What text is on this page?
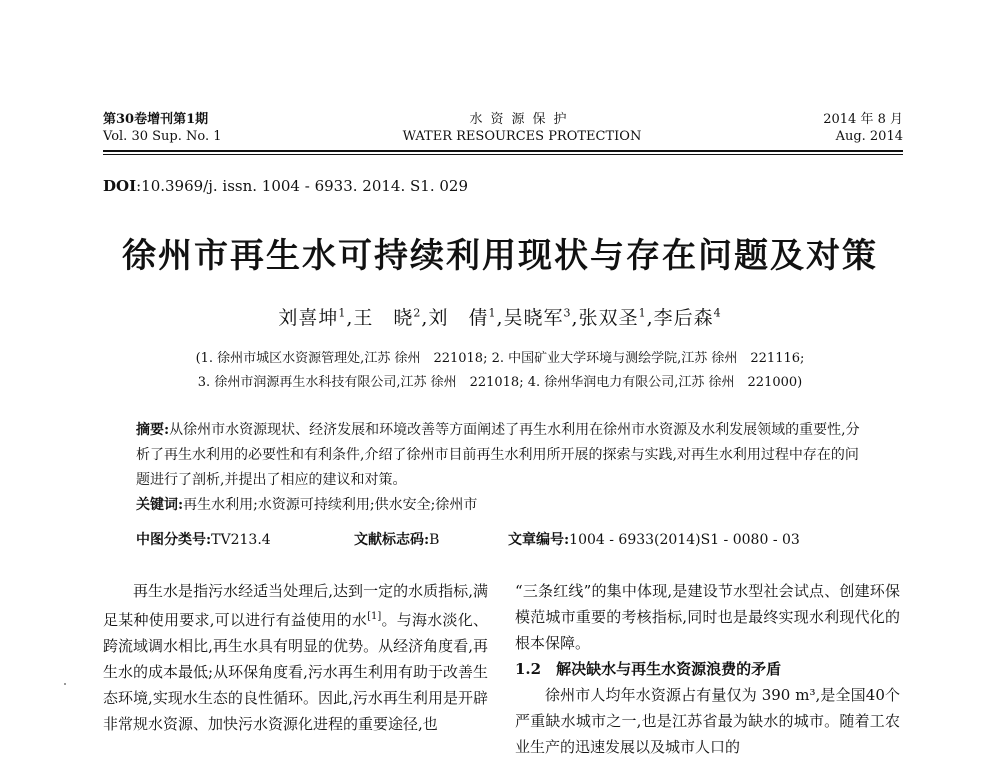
第30卷增刊第1期
Vol. 30 Sup. No. 1
水资源保护
WATER RESOURCES PROTECTION
2014 年 8 月
Aug. 2014
DOI:10.3969/j. issn. 1004 - 6933. 2014. S1. 029
徐州市再生水可持续利用现状与存在问题及对策
刘喜坤$^1$,王　晓$^2$,刘　倩$^1$,吴晓军$^3$,张双圣$^1$,李后森$^4$
(1. 徐州市城区水资源管理处,江苏 徐州　221018; 2. 中国矿业大学环境与测绘学院,江苏 徐州　221116;
3. 徐州市润源再生水科技有限公司,江苏 徐州　221018; 4. 徐州华润电力有限公司,江苏 徐州　221000)
摘要:从徐州市水资源现状、经济发展和环境改善等方面阐述了再生水利用在徐州市水资源及水利发展领域的重要性,分析了再生水利用的必要性和有利条件,介绍了徐州市目前再生水利用所开展的探索与实践,对再生水利用过程中存在的问题进行了剖析,并提出了相应的建议和对策。
关键词:再生水利用;水资源可持续利用;供水安全;徐州市
中图分类号:TV213.4	文献标志码:B	文章编号:1004 - 6933(2014)S1 - 0080 - 03

再生水是指污水经适当处理后,达到一定的水质指标,满足某种使用要求,可以进行有益使用的水[1]。与海水淡化、跨流域调水相比,再生水具有明显的优势。从经济角度看,再生水的成本最低;从环保角度看,污水再生利用有助于改善生态环境,实现水生态的良性循环。因此,污水再生利用是开辟非常规水资源、加快污水资源化进程的重要途径,也

“三条红线”的集中体现,是建设节水型社会试点、创建环保模范城市重要的考核指标,同时也是最终实现水利现代化的根本保障。

1.2　解决缺水与再生水资源浪费的矛盾

徐州市人均年水资源占有量仅为 390 m³,是全国40个严重缺水城市之一,也是江苏省最为缺水的城市。随着工农业生产的迅速发展以及城市人口的
